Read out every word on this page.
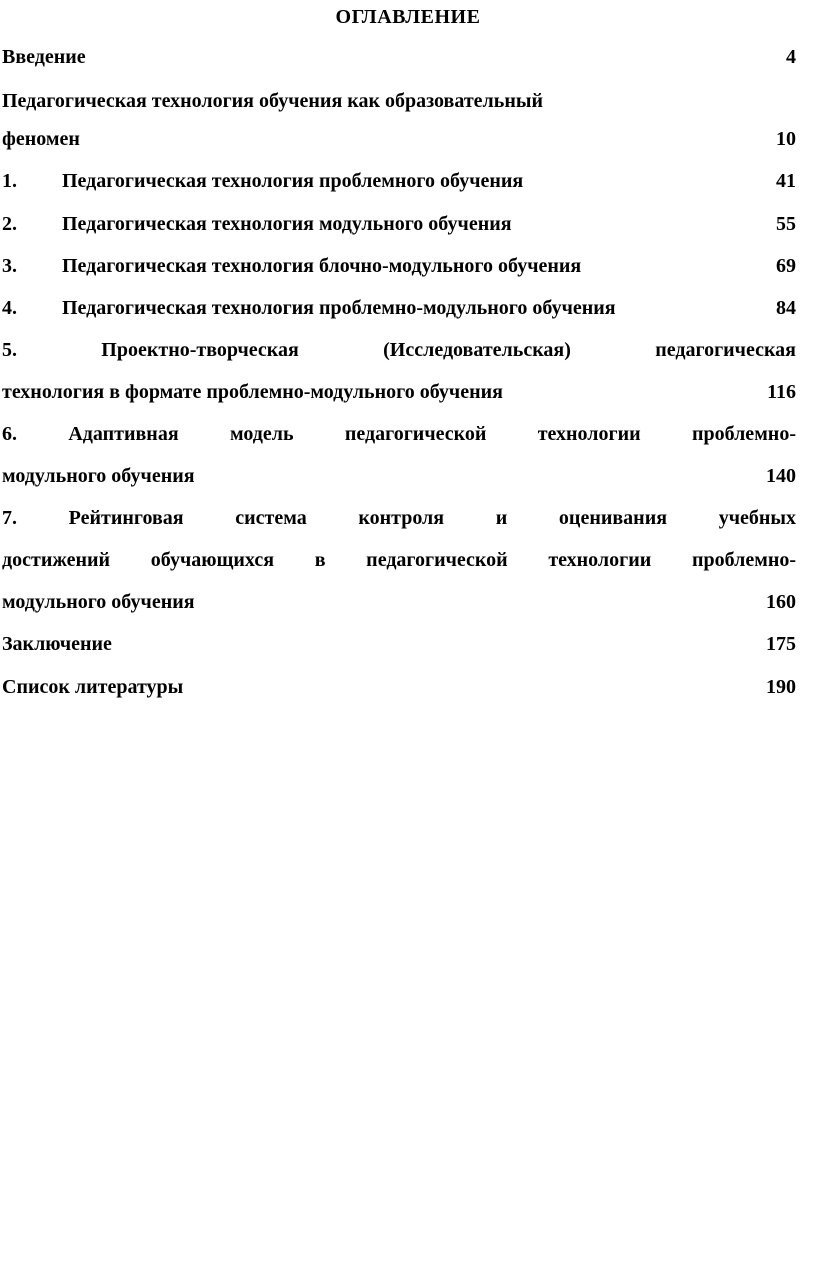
ОГЛАВЛЕНИЕ
Введение	4
Педагогическая технология обучения как образовательный
феномен	10
1. Педагогическая технология проблемного обучения	41
2. Педагогическая технология модульного обучения	55
3. Педагогическая технология блочно-модульного обучения	69
4. Педагогическая технология проблемно-модульного обучения	84
5. Проектно-творческая (Исследовательская) педагогическая
технология в формате проблемно-модульного обучения	116
6. Адаптивная модель педагогической технологии проблемно-
модульного обучения	140
7. Рейтинговая система контроля и оценивания учебных
достижений обучающихся в педагогической технологии проблемно-
модульного обучения	160
Заключение	175
Список литературы	190
